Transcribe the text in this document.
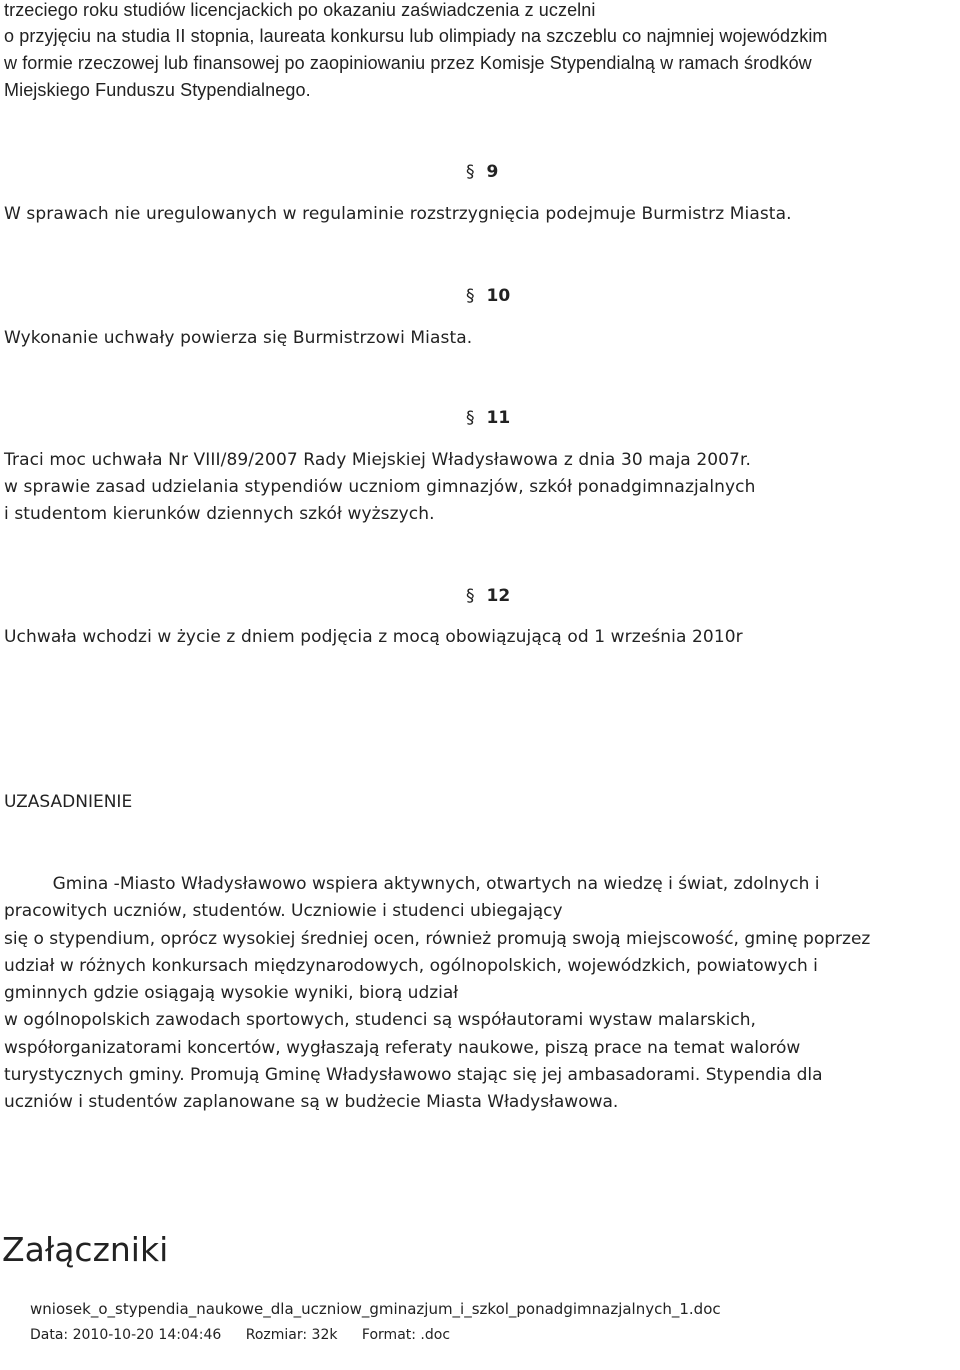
trzeciego roku studiów licencjackich po okazaniu zaświadczenia z uczelni
o przyjęciu na studia II stopnia, laureata konkursu lub olimpiady na szczeblu co najmniej wojewódzkim
w formie rzeczowej lub finansowej po zaopiniowaniu przez Komisje Stypendialną w ramach środków
Miejskiego Funduszu Stypendialnego.
§ 9
W sprawach nie uregulowanych w regulaminie rozstrzygnięcia podejmuje Burmistrz Miasta.
§ 10
Wykonanie uchwały powierza się Burmistrzowi Miasta.
§ 11
Traci moc uchwała Nr VIII/89/2007 Rady Miejskiej Władysławowa z dnia 30 maja 2007r.
w sprawie zasad udzielania stypendiów uczniom gimnazjów, szkół ponadgimnazjalnych
i studentom kierunków dziennych szkół wyższych.
§ 12
Uchwała wchodzi w życie z dniem podjęcia z mocą obowiązującą od 1 września 2010r
UZASADNIENIE
Gmina -Miasto Władysławowo wspiera aktywnych, otwartych na wiedzę i świat, zdolnych i
pracowitych uczniów, studentów. Uczniowie i studenci ubiegający
się o stypendium, oprócz wysokiej średniej ocen, również promują swoją miejscowość, gminę poprzez
udział w różnych konkursach międzynarodowych, ogólnopolskich, wojewódzkich, powiatowych i
gminnych gdzie osiągają wysokie wyniki, biorą udział
w ogólnopolskich zawodach sportowych, studenci są współautorami wystaw malarskich,
współorganizatorami koncertów, wygłaszają referaty naukowe, piszą prace na temat walorów
turystycznych gminy. Promują Gminę Władysławowo stając się jej ambasadorami. Stypendia dla
uczniów i studentów zaplanowane są w budżecie Miasta Władysławowa.
Załączniki
wniosek_o_stypendia_naukowe_dla_uczniow_gminazjum_i_szkol_ponadgimnazjalnych_1.doc
Data: 2010-10-20 14:04:46 Rozmiar: 32k Format: .doc
